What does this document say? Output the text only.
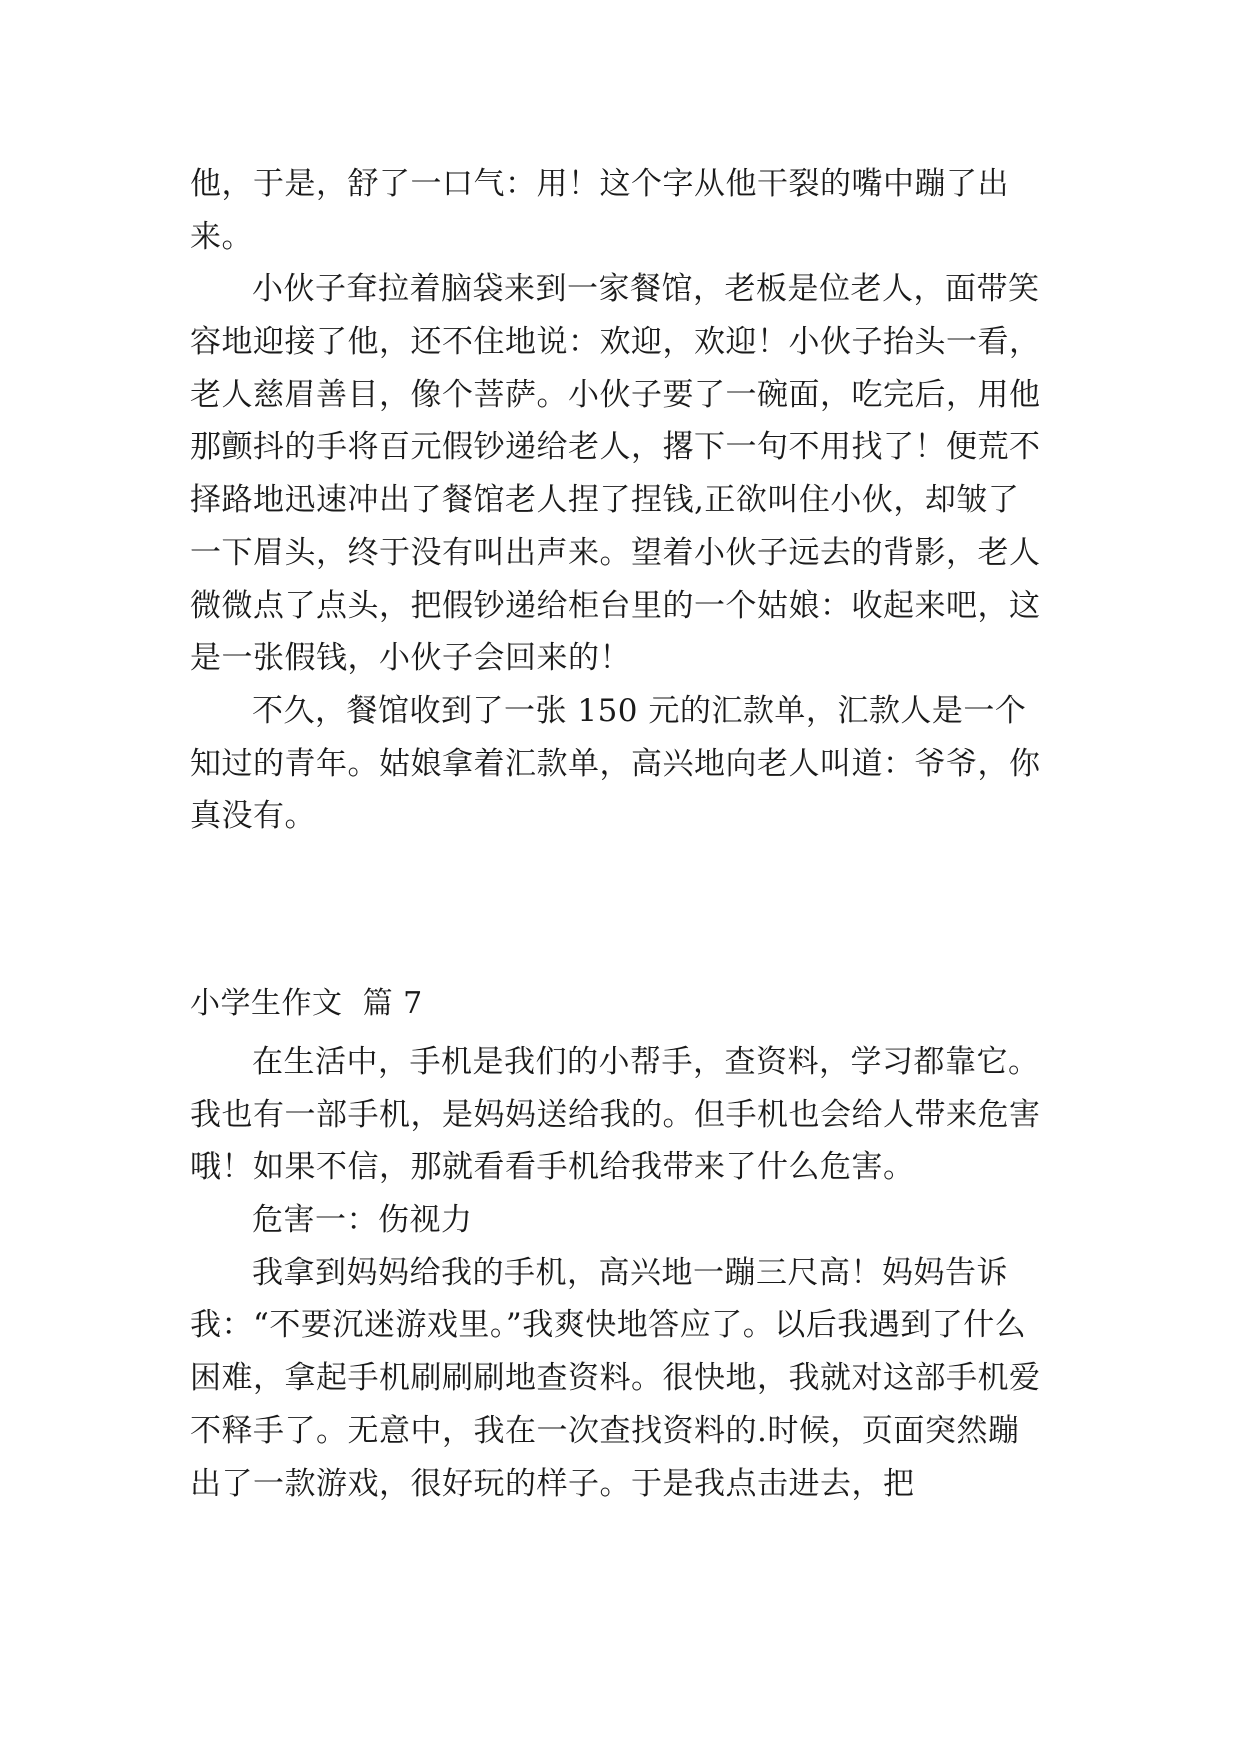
他，于是，舒了一口气：用！这个字从他干裂的嘴中蹦了出来。

小伙子耷拉着脑袋来到一家餐馆，老板是位老人，面带笑容地迎接了他，还不住地说：欢迎，欢迎！小伙子抬头一看，老人慈眉善目，像个菩萨。小伙子要了一碗面，吃完后，用他那颤抖的手将百元假钞递给老人，撂下一句不用找了！便荒不择路地迅速冲出了餐馆老人捏了捏钱,正欲叫住小伙，却皱了一下眉头，终于没有叫出声来。望着小伙子远去的背影，老人微微点了点头，把假钞递给柜台里的一个姑娘：收起来吧，这是一张假钱，小伙子会回来的！

不久，餐馆收到了一张 150 元的汇款单，汇款人是一个知过的青年。姑娘拿着汇款单，高兴地向老人叫道：爷爷，你真没有。

小学生作文 篇 7

在生活中，手机是我们的小帮手，查资料，学习都靠它。我也有一部手机，是妈妈送给我的。但手机也会给人带来危害哦！如果不信，那就看看手机给我带来了什么危害。

危害一：伤视力

我拿到妈妈给我的手机，高兴地一蹦三尺高！妈妈告诉我：“不要沉迷游戏里。”我爽快地答应了。以后我遇到了什么困难，拿起手机刷刷刷地查资料。很快地，我就对这部手机爱不释手了。无意中，我在一次查找资料的.时候，页面突然蹦出了一款游戏，很好玩的样子。于是我点击进去，把
